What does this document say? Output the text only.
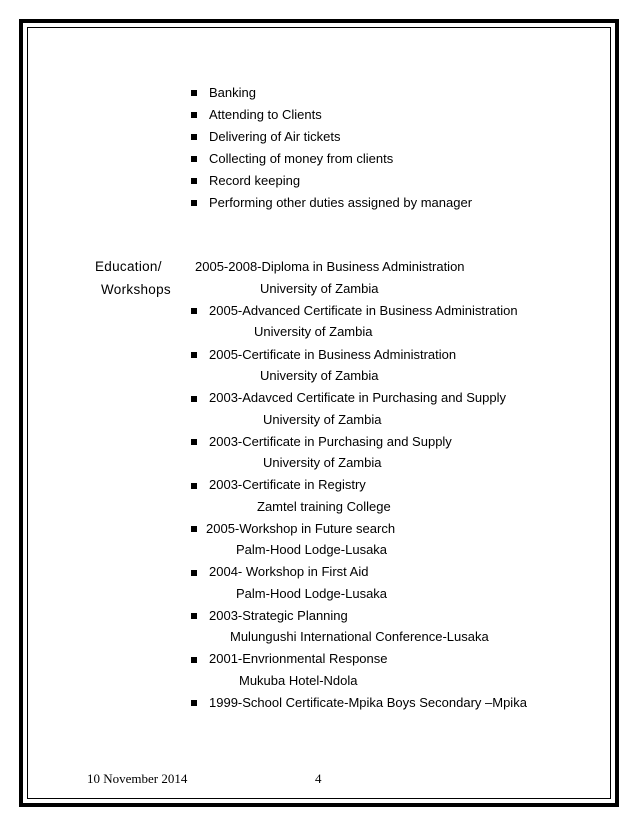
Banking
Attending to Clients
Delivering of Air tickets
Collecting of money from clients
Record keeping
Performing other duties assigned by manager
Education/
Workshops
2005-2008-Diploma in Business Administration
University of Zambia
2005-Advanced Certificate in Business Administration
University of Zambia
2005-Certificate in Business Administration
University of Zambia
2003-Adavced Certificate in Purchasing and Supply
University of Zambia
2003-Certificate in Purchasing and Supply
University of Zambia
2003-Certificate in Registry
Zamtel training College
2005-Workshop in Future search
Palm-Hood Lodge-Lusaka
2004- Workshop in First Aid
Palm-Hood Lodge-Lusaka
2003-Strategic Planning
Mulungushi International Conference-Lusaka
2001-Envrionmental Response
Mukuba Hotel-Ndola
1999-School Certificate-Mpika Boys Secondary –Mpika
10 November 2014	4
